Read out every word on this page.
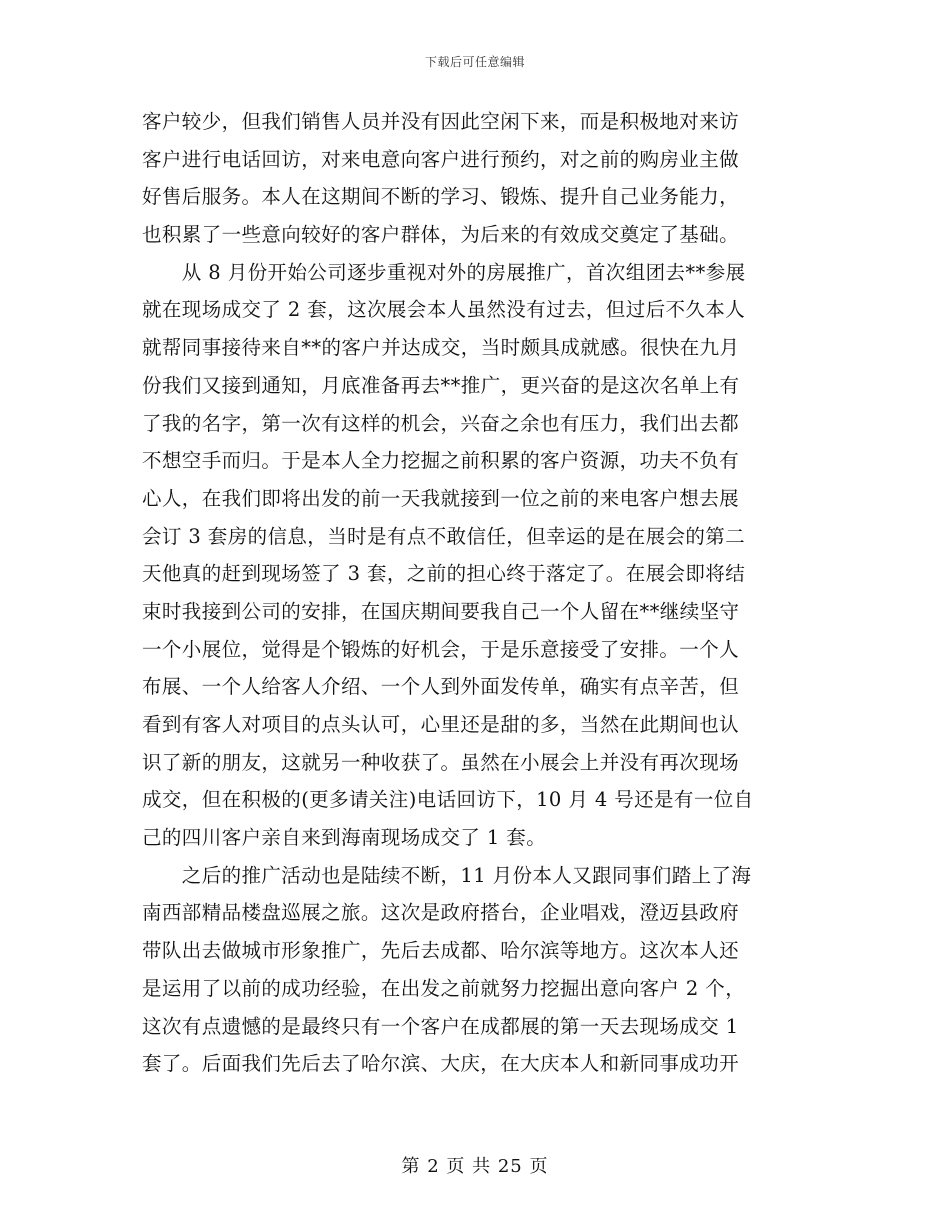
下载后可任意编辑
客户较少，但我们销售人员并没有因此空闲下来，而是积极地对来访
客户进行电话回访，对来电意向客户进行预约，对之前的购房业主做
好售后服务。本人在这期间不断的学习、锻炼、提升自己业务能力，
也积累了一些意向较好的客户群体，为后来的有效成交奠定了基础。
　　从 8 月份开始公司逐步重视对外的房展推广，首次组团去**参展
就在现场成交了 2 套，这次展会本人虽然没有过去，但过后不久本人
就帮同事接待来自**的客户并达成交，当时颇具成就感。很快在九月
份我们又接到通知，月底准备再去**推广，更兴奋的是这次名单上有
了我的名字，第一次有这样的机会，兴奋之余也有压力，我们出去都
不想空手而归。于是本人全力挖掘之前积累的客户资源，功夫不负有
心人，在我们即将出发的前一天我就接到一位之前的来电客户想去展
会订 3 套房的信息，当时是有点不敢信任，但幸运的是在展会的第二
天他真的赶到现场签了 3 套，之前的担心终于落定了。在展会即将结
束时我接到公司的安排，在国庆期间要我自己一个人留在**继续坚守
一个小展位，觉得是个锻炼的好机会，于是乐意接受了安排。一个人
布展、一个人给客人介绍、一个人到外面发传单，确实有点辛苦，但
看到有客人对项目的点头认可，心里还是甜的多，当然在此期间也认
识了新的朋友，这就另一种收获了。虽然在小展会上并没有再次现场
成交，但在积极的(更多请关注)电话回访下，10 月 4 号还是有一位自
己的四川客户亲自来到海南现场成交了 1 套。
　　之后的推广活动也是陆续不断，11 月份本人又跟同事们踏上了海
南西部精品楼盘巡展之旅。这次是政府搭台，企业唱戏，澄迈县政府
带队出去做城市形象推广，先后去成都、哈尔滨等地方。这次本人还
是运用了以前的成功经验，在出发之前就努力挖掘出意向客户 2 个，
这次有点遗憾的是最终只有一个客户在成都展的第一天去现场成交 1
套了。后面我们先后去了哈尔滨、大庆，在大庆本人和新同事成功开
第 2 页 共 25 页
